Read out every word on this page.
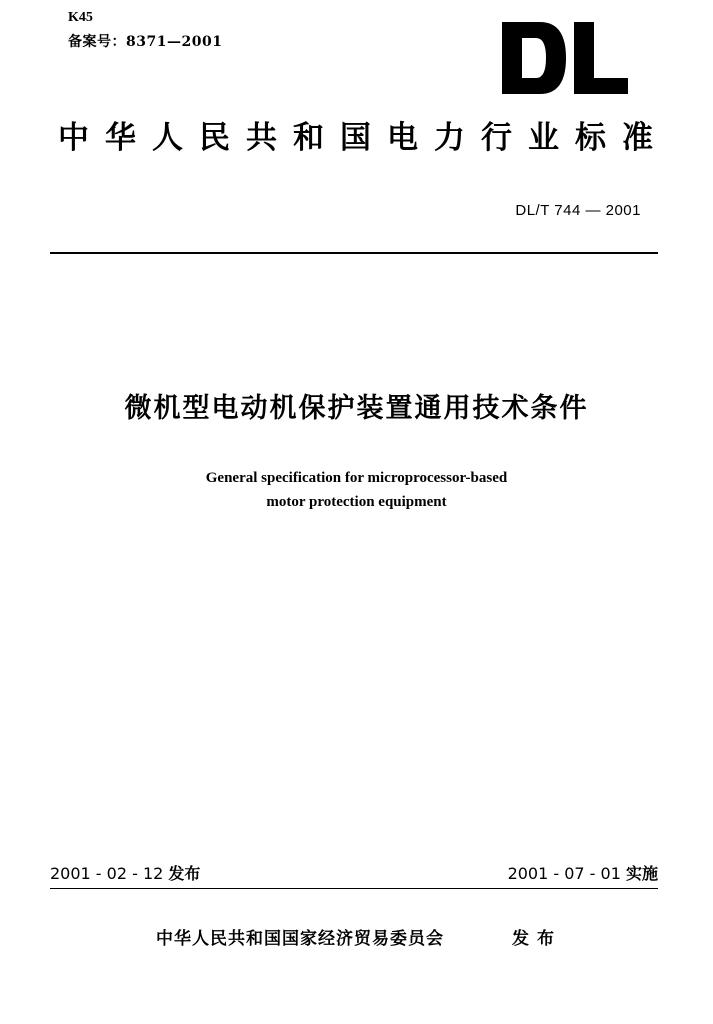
K45
备案号：8371—2001
中华人民共和国电力行业标准
DL/T 744 — 2001
微机型电动机保护装置通用技术条件
General specification for microprocessor-based
motor protection equipment
2001 - 02 - 12 发布	2001 - 07 - 01 实施
中华人民共和国国家经济贸易委员会	发布
